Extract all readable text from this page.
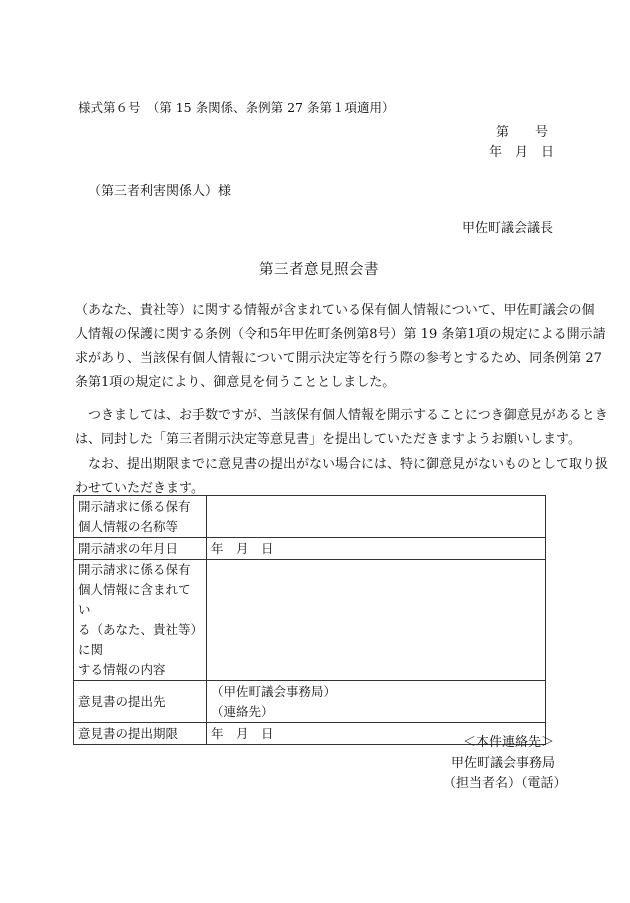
様式第６号　（第 15 条関係、条例第 27 条第１項適用）
第　　号
年　月　日
（第三者利害関係人）様
甲佐町議会議長
第三者意見照会書
（あなた、貴社等）に関する情報が含まれている保有個人情報について、甲佐町議会の個
人情報の保護に関する条例（令和5年甲佐町条例第8号）第 19 条第1項の規定による開示請
求があり、当該保有個人情報について開示決定等を行う際の参考とするため、同条例第 27
条第1項の規定により、御意見を伺うこととしました。
つきましては、お手数ですが、当該保有個人情報を開示することにつき御意見があるとき
は、同封した「第三者開示決定等意見書」を提出していただきますようお願いします。
なお、提出期限までに意見書の提出がない場合には、特に御意見がないものとして取り扱
わせていただきます。
開示請求に係る保有
個人情報の名称等	

開示請求の年月日	年　月　日

開示請求に係る保有
個人情報に含まれてい
る（あなた、貴社等）に関
する情報の内容	

意見書の提出先	（甲佐町議会事務局）
（連絡先）

意見書の提出期限	年　月　日
＜本件連絡先＞
甲佐町議会事務局
（担当者名）（電話）
